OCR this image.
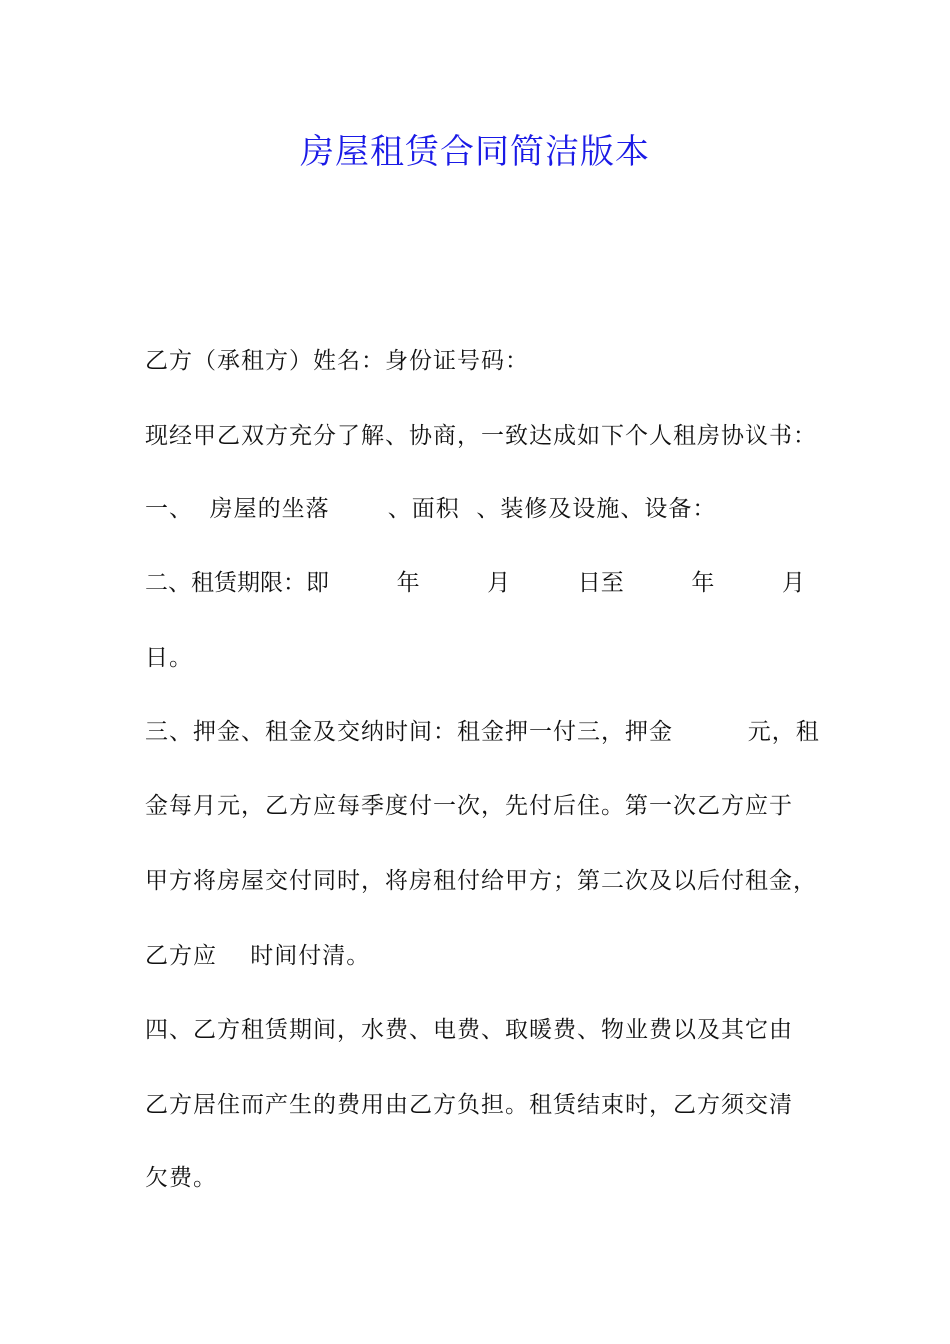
房屋租赁合同简洁版本
乙方（承租方）姓名：身份证号码：
现经甲乙双方充分了解、协商，一致达成如下个人租房协议书：
一、  房屋的坐落       、面积  、装修及设施、设备：
二、租赁期限：即	年	月	日至	年	月
日。
三、押金、租金及交纳时间：租金押一付三，押金         元，租
金每月元，乙方应每季度付一次，先付后住。第一次乙方应于
甲方将房屋交付同时，将房租付给甲方；第二次及以后付租金，
乙方应    时间付清。
四、乙方租赁期间，水费、电费、取暖费、物业费以及其它由
乙方居住而产生的费用由乙方负担。租赁结束时，乙方须交清
欠费。
